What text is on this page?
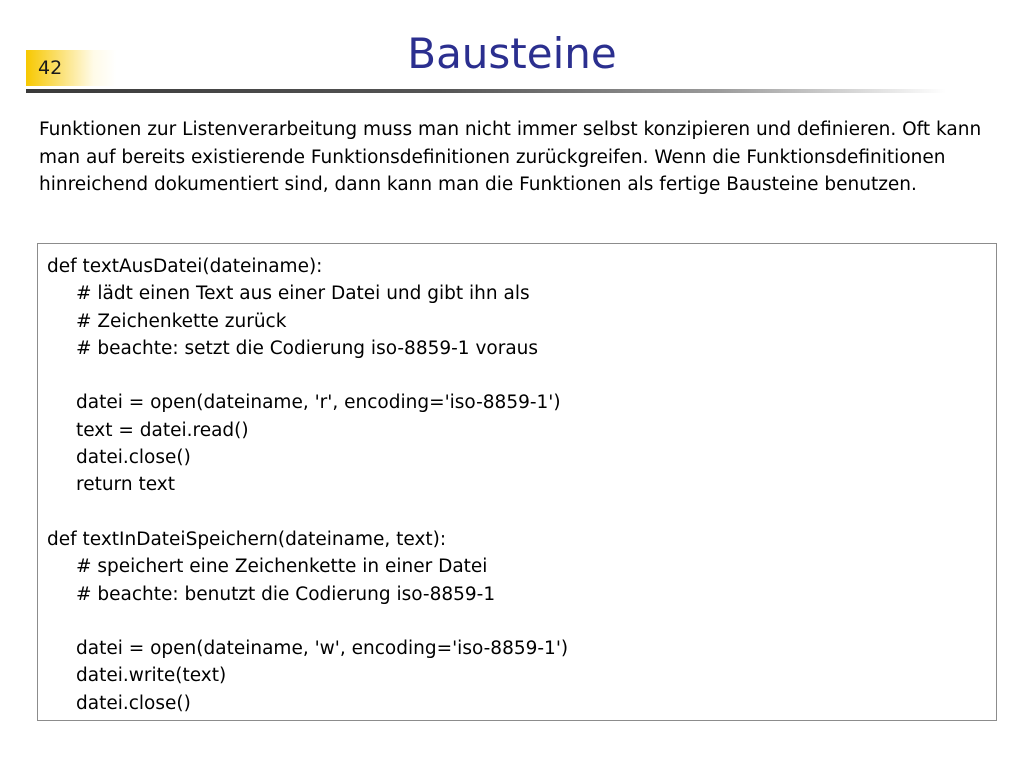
42	Bausteine

Funktionen zur Listenverarbeitung muss man nicht immer selbst konzipieren und definieren. Oft kann man auf bereits existierende Funktionsdefinitionen zurückgreifen. Wenn die Funktionsdefinitionen hinreichend dokumentiert sind, dann kann man die Funktionen als fertige Bausteine benutzen.

def textAusDatei(dateiname):
# lädt einen Text aus einer Datei und gibt ihn als
# Zeichenkette zurück
# beachte: setzt die Codierung iso-8859-1 voraus
datei = open(dateiname, 'r', encoding='iso-8859-1')
text = datei.read()
datei.close()
return text
def textInDateiSpeichern(dateiname, text):
# speichert eine Zeichenkette in einer Datei
# beachte: benutzt die Codierung iso-8859-1
datei = open(dateiname, 'w', encoding='iso-8859-1')
datei.write(text)
datei.close()
